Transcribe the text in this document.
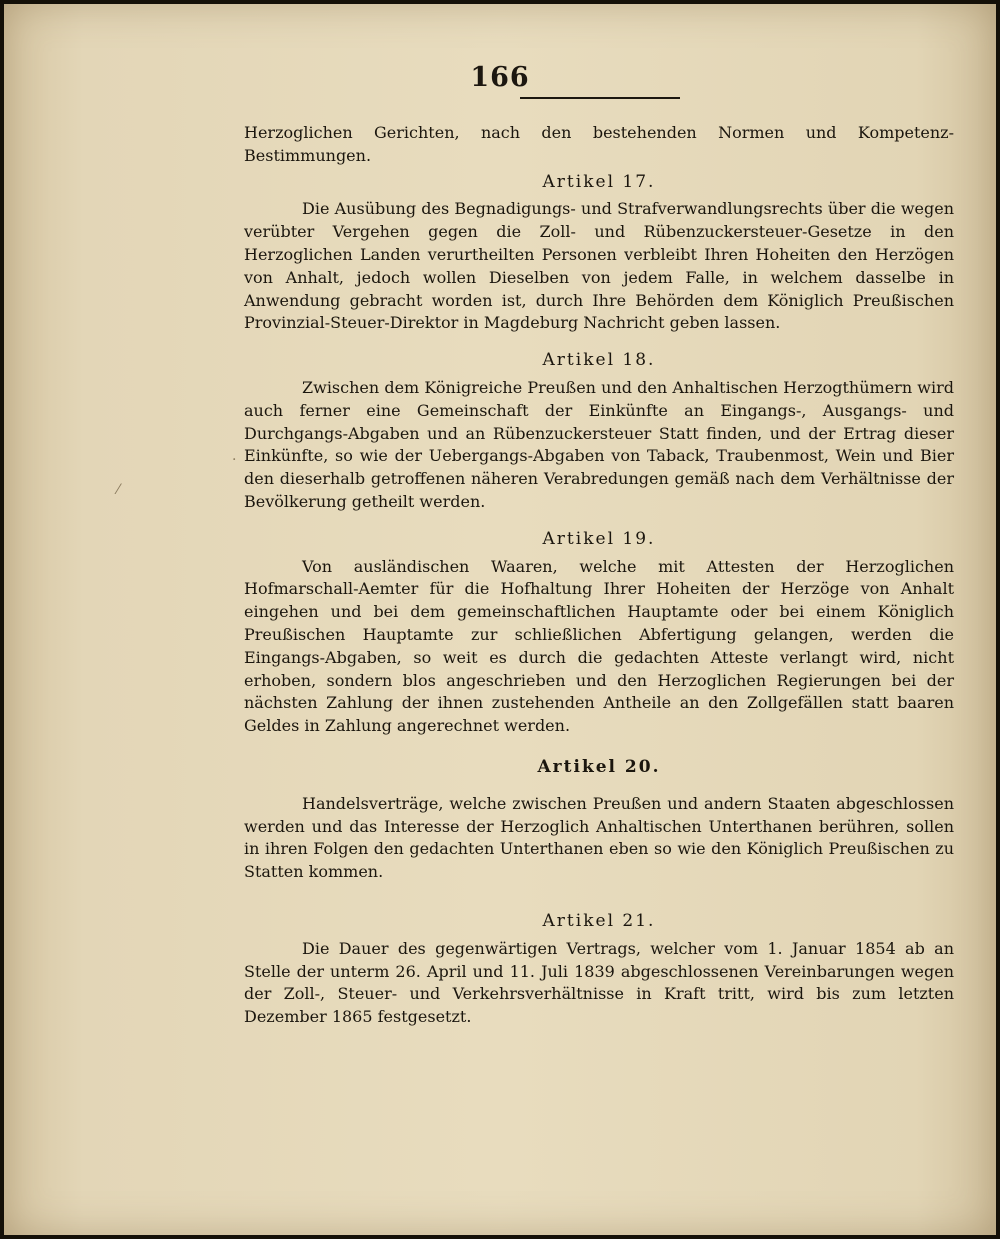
166
⁄
·

Herzoglichen Gerichten, nach den bestehenden Normen und Kompetenz-Bestimmungen.

Artikel 17.

Die Ausübung des Begnadigungs- und Strafverwandlungsrechts über die wegen verübter Vergehen gegen die Zoll- und Rübenzuckersteuer-Gesetze in den Herzoglichen Landen verurtheilten Personen verbleibt Ihren Hoheiten den Herzögen von Anhalt, jedoch wollen Dieselben von jedem Falle, in welchem dasselbe in Anwendung gebracht worden ist, durch Ihre Behörden dem Königlich Preußischen Provinzial-Steuer-Direktor in Magdeburg Nachricht geben lassen.

Artikel 18.

Zwischen dem Königreiche Preußen und den Anhaltischen Herzogthümern wird auch ferner eine Gemeinschaft der Einkünfte an Eingangs-, Ausgangs- und Durchgangs-Abgaben und an Rübenzuckersteuer Statt finden, und der Ertrag dieser Einkünfte, so wie der Uebergangs-Abgaben von Taback, Traubenmost, Wein und Bier den dieserhalb getroffenen näheren Verabredungen gemäß nach dem Verhältnisse der Bevölkerung getheilt werden.

Artikel 19.

Von ausländischen Waaren, welche mit Attesten der Herzoglichen Hofmarschall-Aemter für die Hofhaltung Ihrer Hoheiten der Herzöge von Anhalt eingehen und bei dem gemeinschaftlichen Hauptamte oder bei einem Königlich Preußischen Hauptamte zur schließlichen Abfertigung gelangen, werden die Eingangs-Abgaben, so weit es durch die gedachten Atteste verlangt wird, nicht erhoben, sondern blos angeschrieben und den Herzoglichen Regierungen bei der nächsten Zahlung der ihnen zustehenden Antheile an den Zollgefällen statt baaren Geldes in Zahlung angerechnet werden.

Artikel 20.

Handelsverträge, welche zwischen Preußen und andern Staaten abgeschlossen werden und das Interesse der Herzoglich Anhaltischen Unterthanen berühren, sollen in ihren Folgen den gedachten Unterthanen eben so wie den Königlich Preußischen zu Statten kommen.

Artikel 21.

Die Dauer des gegenwärtigen Vertrags, welcher vom 1. Januar 1854 ab an Stelle der unterm 26. April und 11. Juli 1839 abgeschlossenen Vereinbarungen wegen der Zoll-, Steuer- und Verkehrsverhältnisse in Kraft tritt, wird bis zum letzten Dezember 1865 festgesetzt.
